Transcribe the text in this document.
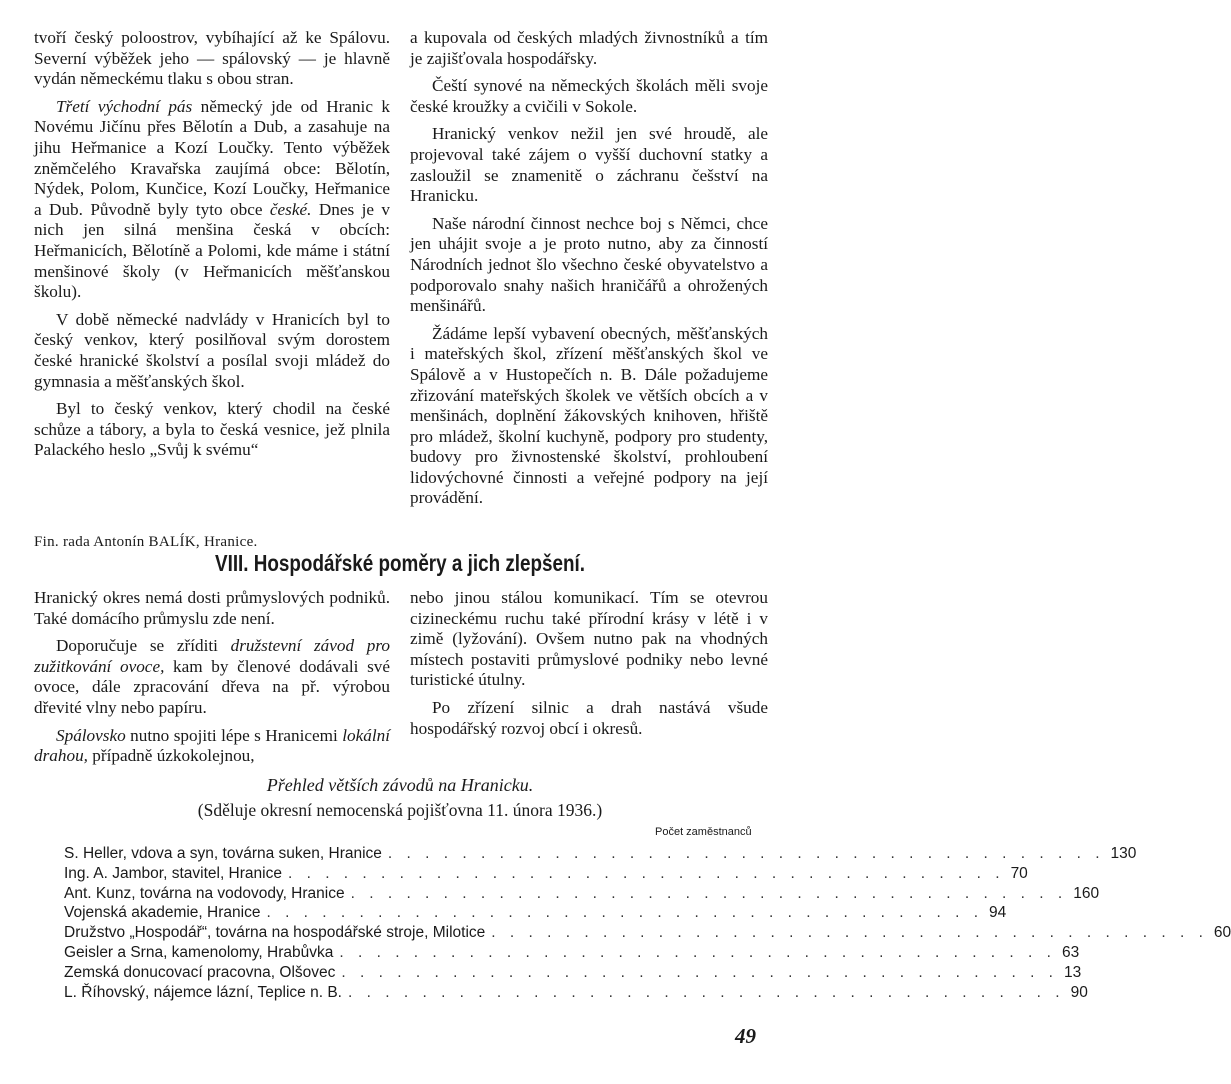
tvoří český poloostrov, vybíhající až ke Spálovu. Severní výběžek jeho — spálovský — je hlavně vydán německému tlaku s obou stran.

Třetí východní pás německý jde od Hranic k Novému Jičínu přes Bělotín a Dub, a zasahuje na jihu Heřmanice a Kozí Loučky. Tento výběžek zněmčelého Kravařska zaujímá obce: Bělotín, Nýdek, Polom, Kunčice, Kozí Loučky, Heřmanice a Dub. Původně byly tyto obce české. Dnes je v nich jen silná menšina česká v obcích: Heřmanicích, Bělotíně a Polomi, kde máme i státní menšinové školy (v Heřmanicích měšťanskou školu).

V době německé nadvlády v Hranicích byl to český venkov, který posilňoval svým dorostem české hranické školství a posílal svoji mládež do gymnasia a měšťanských škol.

Byl to český venkov, který chodil na české schůze a tábory, a byla to česká vesnice, jež plnila Palackého heslo „Svůj k svému“

a kupovala od českých mladých živnostníků a tím je zajišťovala hospodářsky.

Čeští synové na německých školách měli svoje české kroužky a cvičili v Sokole.

Hranický venkov nežil jen své hroudě, ale projevoval také zájem o vyšší duchovní statky a zasloužil se znamenitě o záchranu češství na Hranicku.

Naše národní činnost nechce boj s Němci, chce jen uhájit svoje a je proto nutno, aby za činností Národních jednot šlo všechno české obyvatelstvo a podporovalo snahy našich hraničářů a ohrožených menšinářů.

Žádáme lepší vybavení obecných, měšťanských i mateřských škol, zřízení měšťanských škol ve Spálově a v Hustopečích n. B. Dále požadujeme zřizování mateřských školek ve větších obcích a v menšinách, doplnění žákovských knihoven, hřiště pro mládež, školní kuchyně, podpory pro studenty, budovy pro živnostenské školství, prohloubení lidovýchovné činnosti a veřejné podpory na její provádění.

Fin. rada Antonín BALÍK, Hranice.
VIII. Hospodářské poměry a jich zlepšení.

Hranický okres nemá dosti průmyslových podniků. Také domácího průmyslu zde není.

Doporučuje se zříditi družstevní závod pro zužitkování ovoce, kam by členové dodávali své ovoce, dále zpracování dřeva na př. výrobou dřevité vlny nebo papíru.

Spálovsko nutno spojiti lépe s Hranicemi lokální drahou, případně úzkokolejnou,

nebo jinou stálou komunikací. Tím se otevrou cizineckému ruchu také přírodní krásy v létě i v zimě (lyžování). Ovšem nutno pak na vhodných místech postaviti průmyslové podniky nebo levné turistické útulny.

Po zřízení silnic a drah nastává všude hospodářský rozvoj obcí i okresů.

Přehled větších závodů na Hranicku.
(Sděluje okresní nemocenská pojišťovna 11. února 1936.)
Počet zaměstnanců
S. Heller, vdova a syn, továrna suken, Hranice . . . . . . . . . . . . . . . . . . . . . . . . . . . . . . . . . . . . . . . 130
Ing. A. Jambor, stavitel, Hranice . . . . . . . . . . . . . . . . . . . . . . . . . . . . . . . . . . . . . . . 70
Ant. Kunz, továrna na vodovody, Hranice . . . . . . . . . . . . . . . . . . . . . . . . . . . . . . . . . . . . . . . 160
Vojenská akademie, Hranice . . . . . . . . . . . . . . . . . . . . . . . . . . . . . . . . . . . . . . . 94
Družstvo „Hospodář“, továrna na hospodářské stroje, Milotice . . . . . . . . . . . . . . . . . . . . . . . . . . . . . . . . . . . . . . . 60
Geisler a Srna, kamenolomy, Hrabůvka . . . . . . . . . . . . . . . . . . . . . . . . . . . . . . . . . . . . . . . 63
Zemská donucovací pracovna, Olšovec . . . . . . . . . . . . . . . . . . . . . . . . . . . . . . . . . . . . . . . 13
L. Říhovský, nájemce lázní, Teplice n. B. . . . . . . . . . . . . . . . . . . . . . . . . . . . . . . . . . . . . . . . 90
49
